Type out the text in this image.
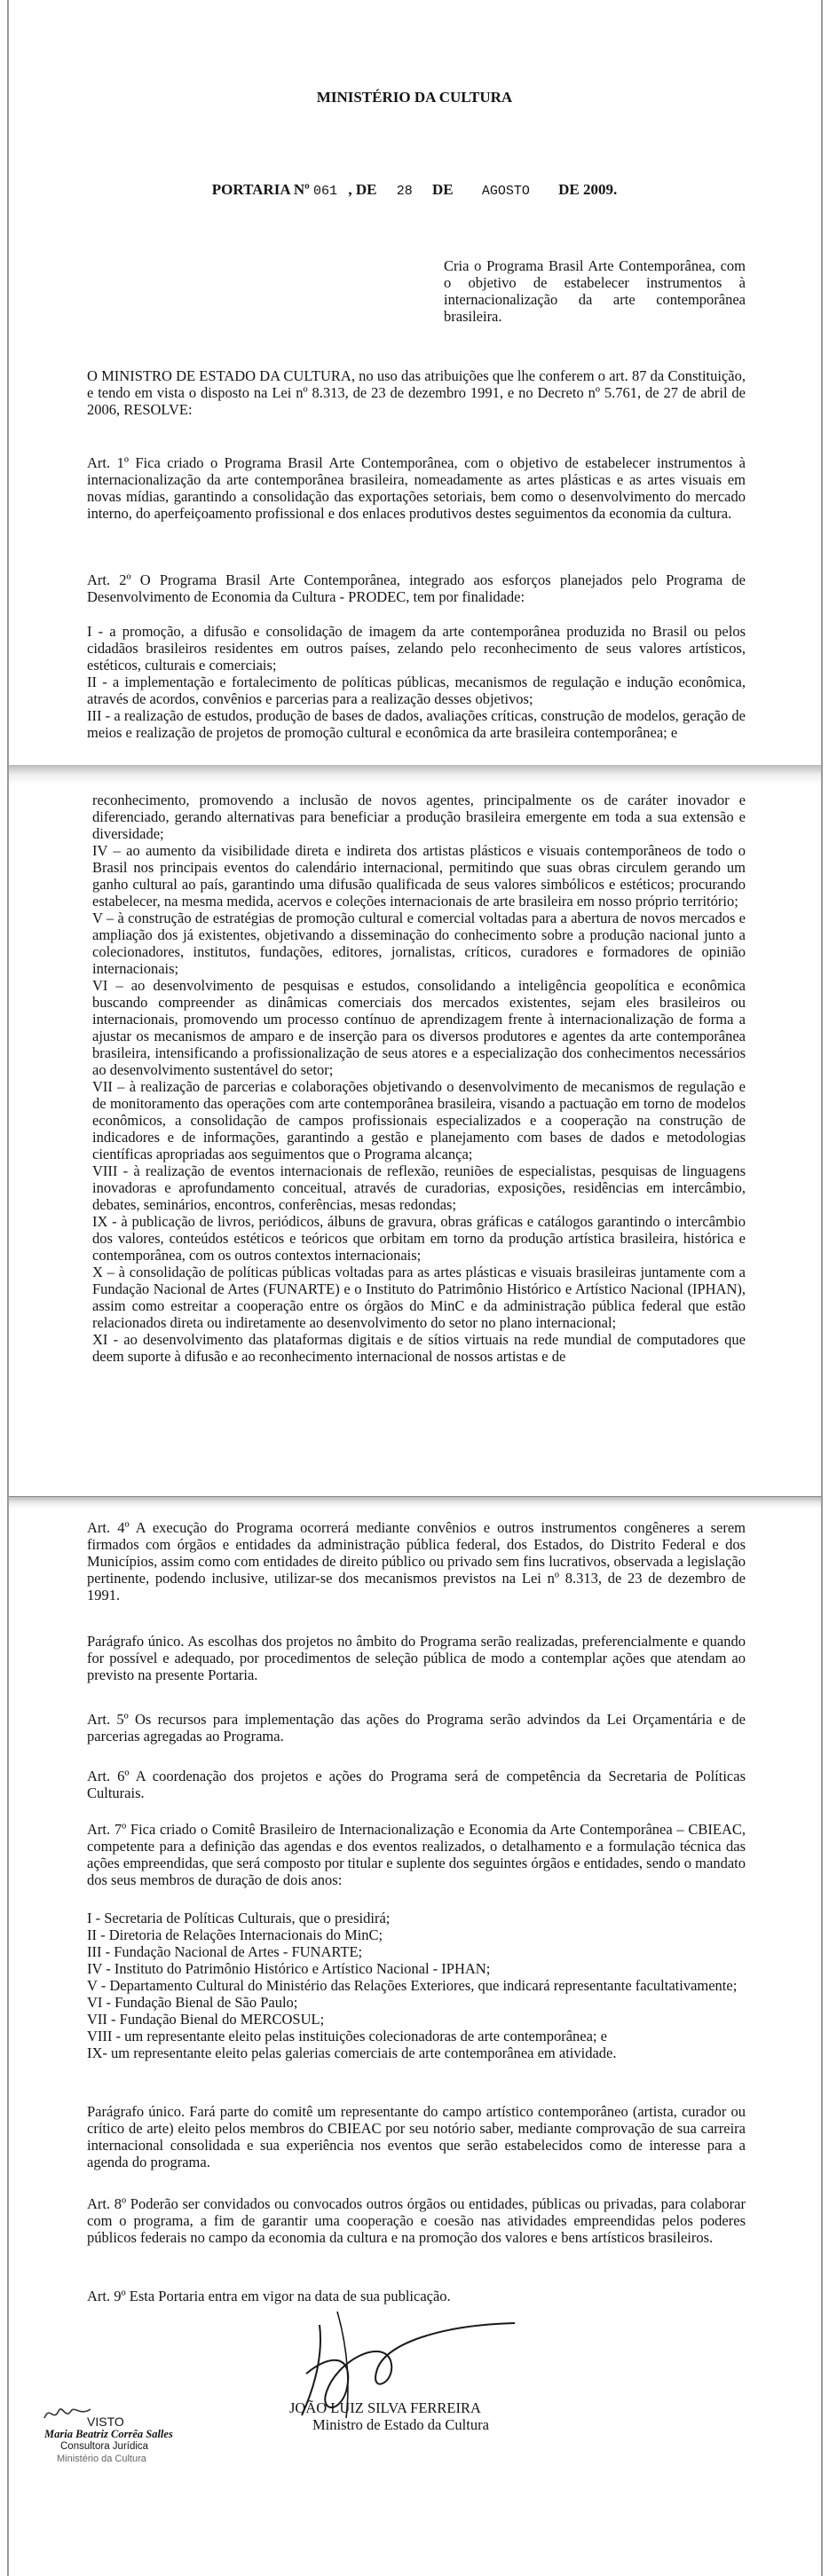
MINISTÉRIO DA CULTURA
PORTARIA Nº 061 , DE 28 DE AGOSTO DE 2009.
Cria o Programa Brasil Arte Contemporânea, com o objetivo de estabelecer instrumentos à internacionalização da arte contemporânea brasileira.
O MINISTRO DE ESTADO DA CULTURA, no uso das atribuições que lhe conferem o art. 87 da Constituição, e tendo em vista o disposto na Lei nº 8.313, de 23 de dezembro 1991, e no Decreto nº 5.761, de 27 de abril de 2006, RESOLVE:
Art. 1º Fica criado o Programa Brasil Arte Contemporânea, com o objetivo de estabelecer instrumentos à internacionalização da arte contemporânea brasileira, nomeadamente as artes plásticas e as artes visuais em novas mídias, garantindo a consolidação das exportações setoriais, bem como o desenvolvimento do mercado interno, do aperfeiçoamento profissional e dos enlaces produtivos destes seguimentos da economia da cultura.
Art. 2º O Programa Brasil Arte Contemporânea, integrado aos esforços planejados pelo Programa de Desenvolvimento de Economia da Cultura - PRODEC, tem por finalidade:

I - a promoção, a difusão e consolidação de imagem da arte contemporânea produzida no Brasil ou pelos cidadãos brasileiros residentes em outros países, zelando pelo reconhecimento de seus valores artísticos, estéticos, culturais e comerciais;

II - a implementação e fortalecimento de políticas públicas, mecanismos de regulação e indução econômica, através de acordos, convênios e parcerias para a realização desses objetivos;

III - a realização de estudos, produção de bases de dados, avaliações críticas, construção de modelos, geração de meios e realização de projetos de promoção cultural e econômica da arte brasileira contemporânea; e

reconhecimento, promovendo a inclusão de novos agentes, principalmente os de caráter inovador e diferenciado, gerando alternativas para beneficiar a produção brasileira emergente em toda a sua extensão e diversidade;

IV – ao aumento da visibilidade direta e indireta dos artistas plásticos e visuais contemporâneos de todo o Brasil nos principais eventos do calendário internacional, permitindo que suas obras circulem gerando um ganho cultural ao país, garantindo uma difusão qualificada de seus valores simbólicos e estéticos; procurando estabelecer, na mesma medida, acervos e coleções internacionais de arte brasileira em nosso próprio território;

V – à construção de estratégias de promoção cultural e comercial voltadas para a abertura de novos mercados e ampliação dos já existentes, objetivando a disseminação do conhecimento sobre a produção nacional junto a colecionadores, institutos, fundações, editores, jornalistas, críticos, curadores e formadores de opinião internacionais;

VI – ao desenvolvimento de pesquisas e estudos, consolidando a inteligência geopolítica e econômica buscando compreender as dinâmicas comerciais dos mercados existentes, sejam eles brasileiros ou internacionais, promovendo um processo contínuo de aprendizagem frente à internacionalização de forma a ajustar os mecanismos de amparo e de inserção para os diversos produtores e agentes da arte contemporânea brasileira, intensificando a profissionalização de seus atores e a especialização dos conhecimentos necessários ao desenvolvimento sustentável do setor;

VII – à realização de parcerias e colaborações objetivando o desenvolvimento de mecanismos de regulação e de monitoramento das operações com arte contemporânea brasileira, visando a pactuação em torno de modelos econômicos, a consolidação de campos profissionais especializados e a cooperação na construção de indicadores e de informações, garantindo a gestão e planejamento com bases de dados e metodologias científicas apropriadas aos seguimentos que o Programa alcança;

VIII - à realização de eventos internacionais de reflexão, reuniões de especialistas, pesquisas de linguagens inovadoras e aprofundamento conceitual, através de curadorias, exposições, residências em intercâmbio, debates, seminários, encontros, conferências, mesas redondas;

IX - à publicação de livros, periódicos, álbuns de gravura, obras gráficas e catálogos garantindo o intercâmbio dos valores, conteúdos estéticos e teóricos que orbitam em torno da produção artística brasileira, histórica e contemporânea, com os outros contextos internacionais;

X – à consolidação de políticas públicas voltadas para as artes plásticas e visuais brasileiras juntamente com a Fundação Nacional de Artes (FUNARTE) e o Instituto do Patrimônio Histórico e Artístico Nacional (IPHAN), assim como estreitar a cooperação entre os órgãos do MinC e da administração pública federal que estão relacionados direta ou indiretamente ao desenvolvimento do setor no plano internacional;

XI - ao desenvolvimento das plataformas digitais e de sítios virtuais na rede mundial de computadores que deem suporte à difusão e ao reconhecimento internacional de nossos artistas e de

Art. 4º A execução do Programa ocorrerá mediante convênios e outros instrumentos congêneres a serem firmados com órgãos e entidades da administração pública federal, dos Estados, do Distrito Federal e dos Municípios, assim como com entidades de direito público ou privado sem fins lucrativos, observada a legislação pertinente, podendo inclusive, utilizar-se dos mecanismos previstos na Lei nº 8.313, de 23 de dezembro de 1991.
Parágrafo único. As escolhas dos projetos no âmbito do Programa serão realizadas, preferencialmente e quando for possível e adequado, por procedimentos de seleção pública de modo a contemplar ações que atendam ao previsto na presente Portaria.
Art. 5º Os recursos para implementação das ações do Programa serão advindos da Lei Orçamentária e de parcerias agregadas ao Programa.
Art. 6º A coordenação dos projetos e ações do Programa será de competência da Secretaria de Políticas Culturais.
Art. 7º Fica criado o Comitê Brasileiro de Internacionalização e Economia da Arte Contemporânea – CBIEAC, competente para a definição das agendas e dos eventos realizados, o detalhamento e a formulação técnica das ações empreendidas, que será composto por titular e suplente dos seguintes órgãos e entidades, sendo o mandato dos seus membros de duração de dois anos:

I - Secretaria de Políticas Culturais, que o presidirá;

II - Diretoria de Relações Internacionais do MinC;

III - Fundação Nacional de Artes - FUNARTE;

IV - Instituto do Patrimônio Histórico e Artístico Nacional - IPHAN;

V - Departamento Cultural do Ministério das Relações Exteriores, que indicará representante facultativamente;

VI - Fundação Bienal de São Paulo;

VII - Fundação Bienal do MERCOSUL;

VIII - um representante eleito pelas instituições colecionadoras de arte contemporânea; e

IX- um representante eleito pelas galerias comerciais de arte contemporânea em atividade.

Parágrafo único. Fará parte do comitê um representante do campo artístico contemporâneo (artista, curador ou crítico de arte) eleito pelos membros do CBIEAC por seu notório saber, mediante comprovação de sua carreira internacional consolidada e sua experiência nos eventos que serão estabelecidos como de interesse para a agenda do programa.
Art. 8º Poderão ser convidados ou convocados outros órgãos ou entidades, públicas ou privadas, para colaborar com o programa, a fim de garantir uma cooperação e coesão nas atividades empreendidas pelos poderes públicos federais no campo da economia da cultura e na promoção dos valores e bens artísticos brasileiros.
Art. 9º Esta Portaria entra em vigor na data de sua publicação.
JOÃO LUIZ SILVA FERREIRA
Ministro de Estado da Cultura
VISTO
Maria Beatriz Corrêa Salles
Consultora Jurídica
Ministério da Cultura
